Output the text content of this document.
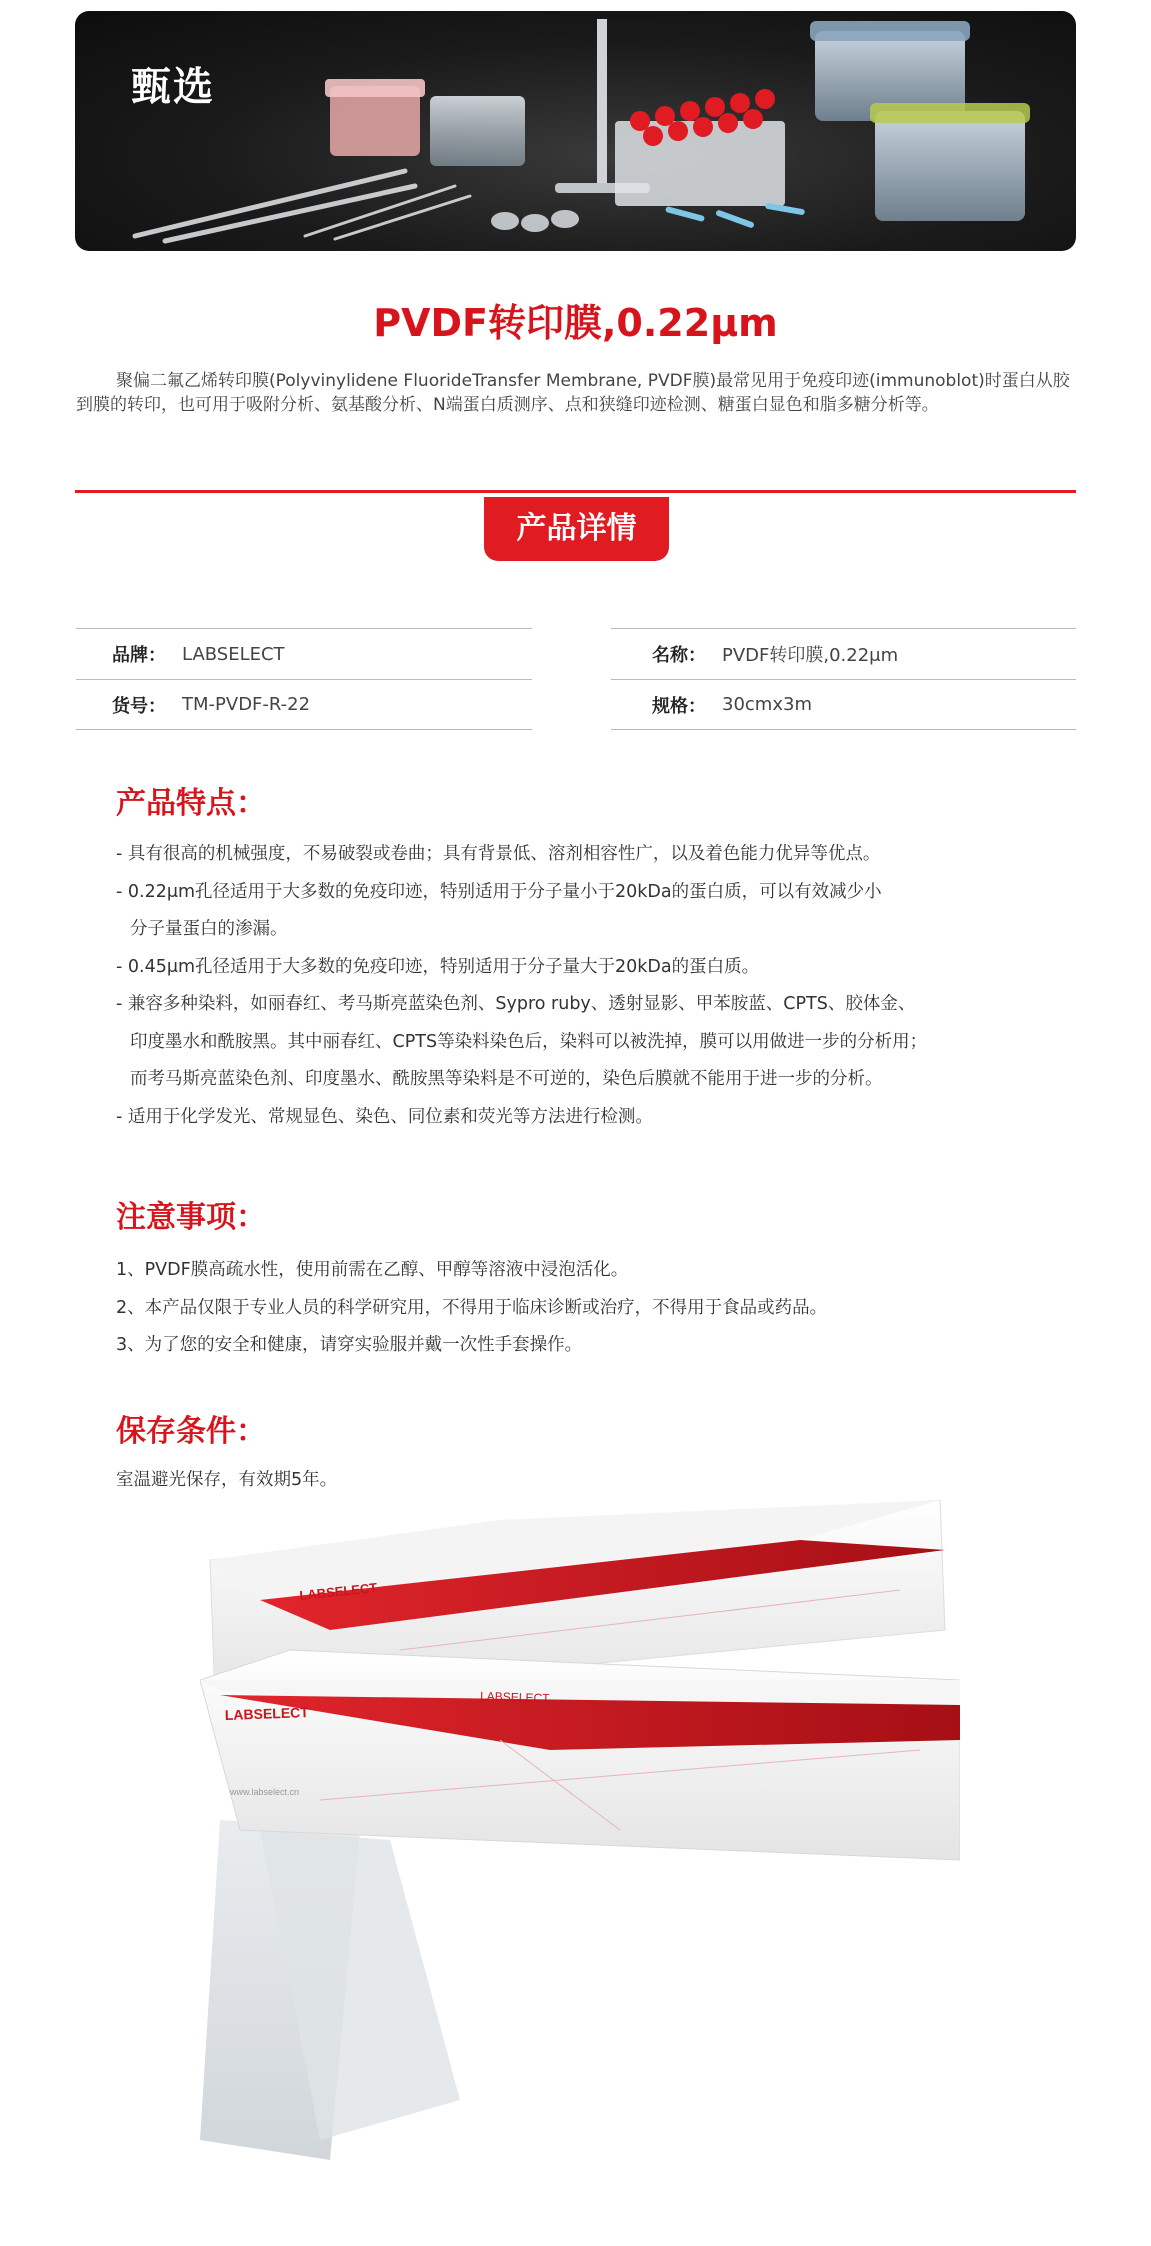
甄选
PVDF转印膜,0.22μm

聚偏二氟乙烯转印膜(Polyvinylidene FluorideTransfer Membrane, PVDF膜)最常见用于免疫印迹(immunoblot)时蛋白从胶到膜的转印，也可用于吸附分析、氨基酸分析、N端蛋白质测序、点和狭缝印迹检测、糖蛋白显色和脂多糖分析等。

产品详情
品牌： LABSELECT
货号： TM-PVDF-R-22
名称： PVDF转印膜,0.22μm
规格： 30cmx3m
产品特点：
- 具有很高的机械强度，不易破裂或卷曲；具有背景低、溶剂相容性广，以及着色能力优异等优点。
- 0.22μm孔径适用于大多数的免疫印迹，特别适用于分子量小于20kDa的蛋白质，可以有效减少小
分子量蛋白的渗漏。
- 0.45μm孔径适用于大多数的免疫印迹，特别适用于分子量大于20kDa的蛋白质。
- 兼容多种染料，如丽春红、考马斯亮蓝染色剂、Sypro ruby、透射显影、甲苯胺蓝、CPTS、胶体金、
印度墨水和酰胺黑。其中丽春红、CPTS等染料染色后，染料可以被洗掉，膜可以用做进一步的分析用；
而考马斯亮蓝染色剂、印度墨水、酰胺黑等染料是不可逆的，染色后膜就不能用于进一步的分析。
- 适用于化学发光、常规显色、染色、同位素和荧光等方法进行检测。
注意事项：
1、PVDF膜高疏水性，使用前需在乙醇、甲醇等溶液中浸泡活化。
2、本产品仅限于专业人员的科学研究用，不得用于临床诊断或治疗，不得用于食品或药品。
3、为了您的安全和健康，请穿实验服并戴一次性手套操作。
保存条件：
室温避光保存，有效期5年。
LABSELECT
LABSELECT
LABSELECT
www.labselect.cn
